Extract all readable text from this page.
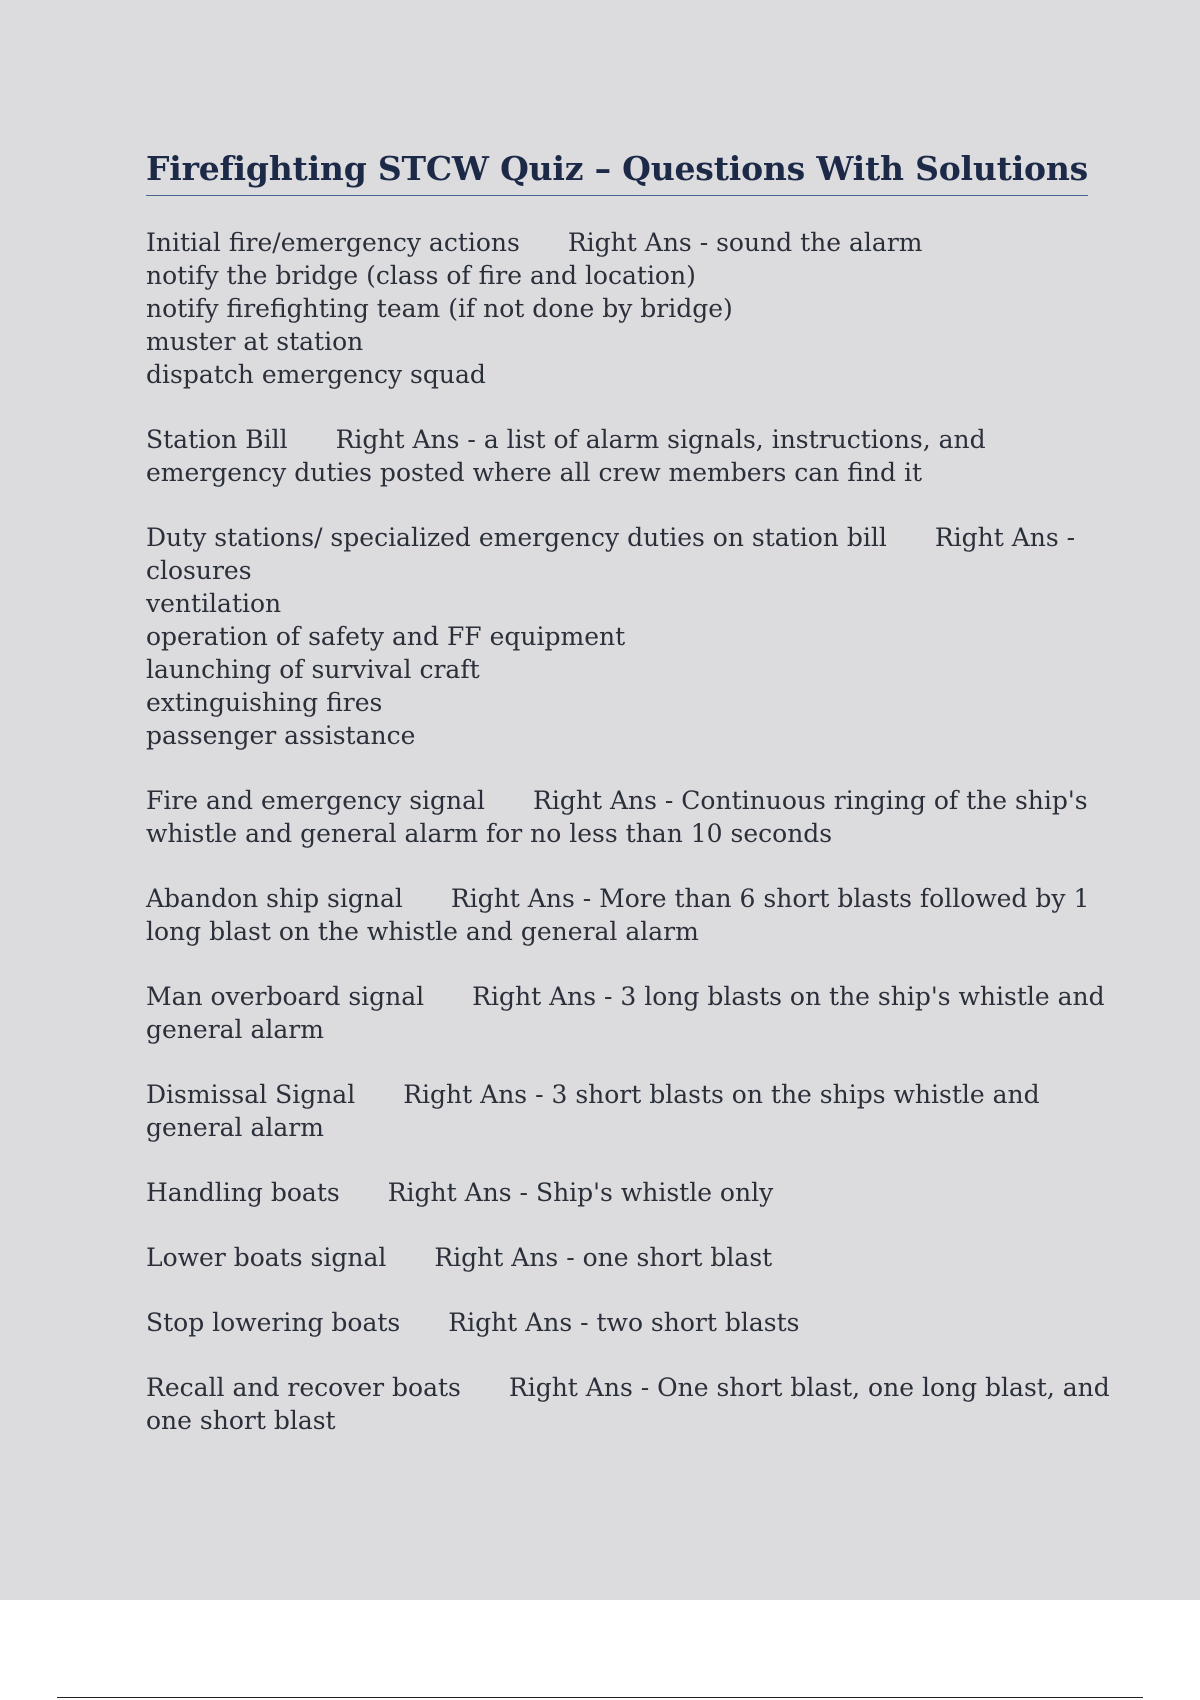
Firefighting STCW Quiz – Questions With Solutions
Initial fire/emergency actions Right Ans - sound the alarm
notify the bridge (class of fire and location)
notify firefighting team (if not done by bridge)
muster at station
dispatch emergency squad
Station Bill Right Ans - a list of alarm signals, instructions, and
emergency duties posted where all crew members can find it
Duty stations/ specialized emergency duties on station bill Right Ans -
closures
ventilation
operation of safety and FF equipment
launching of survival craft
extinguishing fires
passenger assistance
Fire and emergency signal Right Ans - Continuous ringing of the ship's
whistle and general alarm for no less than 10 seconds
Abandon ship signal Right Ans - More than 6 short blasts followed by 1
long blast on the whistle and general alarm
Man overboard signal Right Ans - 3 long blasts on the ship's whistle and
general alarm
Dismissal Signal Right Ans - 3 short blasts on the ships whistle and
general alarm
Handling boats Right Ans - Ship's whistle only
Lower boats signal Right Ans - one short blast
Stop lowering boats Right Ans - two short blasts
Recall and recover boats Right Ans - One short blast, one long blast, and
one short blast
